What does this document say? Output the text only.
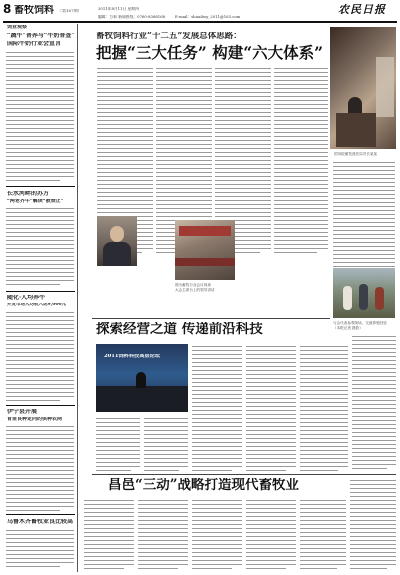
8 畜牧饲料 （第167期）	2011年8月11日 星期四
编辑：万莉 新闻热线：0760-8368168	E-mail：shuaiboy_2011@163.com
农民日报
饲业观察
“蔬牛”普养与“牛奶普查”
国际牛奶行业会宣言
长水河畔的苏方
“两老齐牛”解读“被禁止”
随化·人均养牛
开发市场人均收入达9,000元
伊宁县开展
育苗良种定向的供种农网
乌鲁木齐畜牧业良比较高
畜牧饲料行业“十二五”发展总体思路：
把握“三大任务” 构建“六大体系”
国务院畜牧兽医局司长某某

图为畜牧行业会议现场
大会主席台上的领导讲话
与会代表参观现场，交流养殖经验
（本报记者 摄影）
探索经营之道 传递前沿科技
2011饲料科技高层论坛
昌邑“三动”战略打造现代畜牧业
